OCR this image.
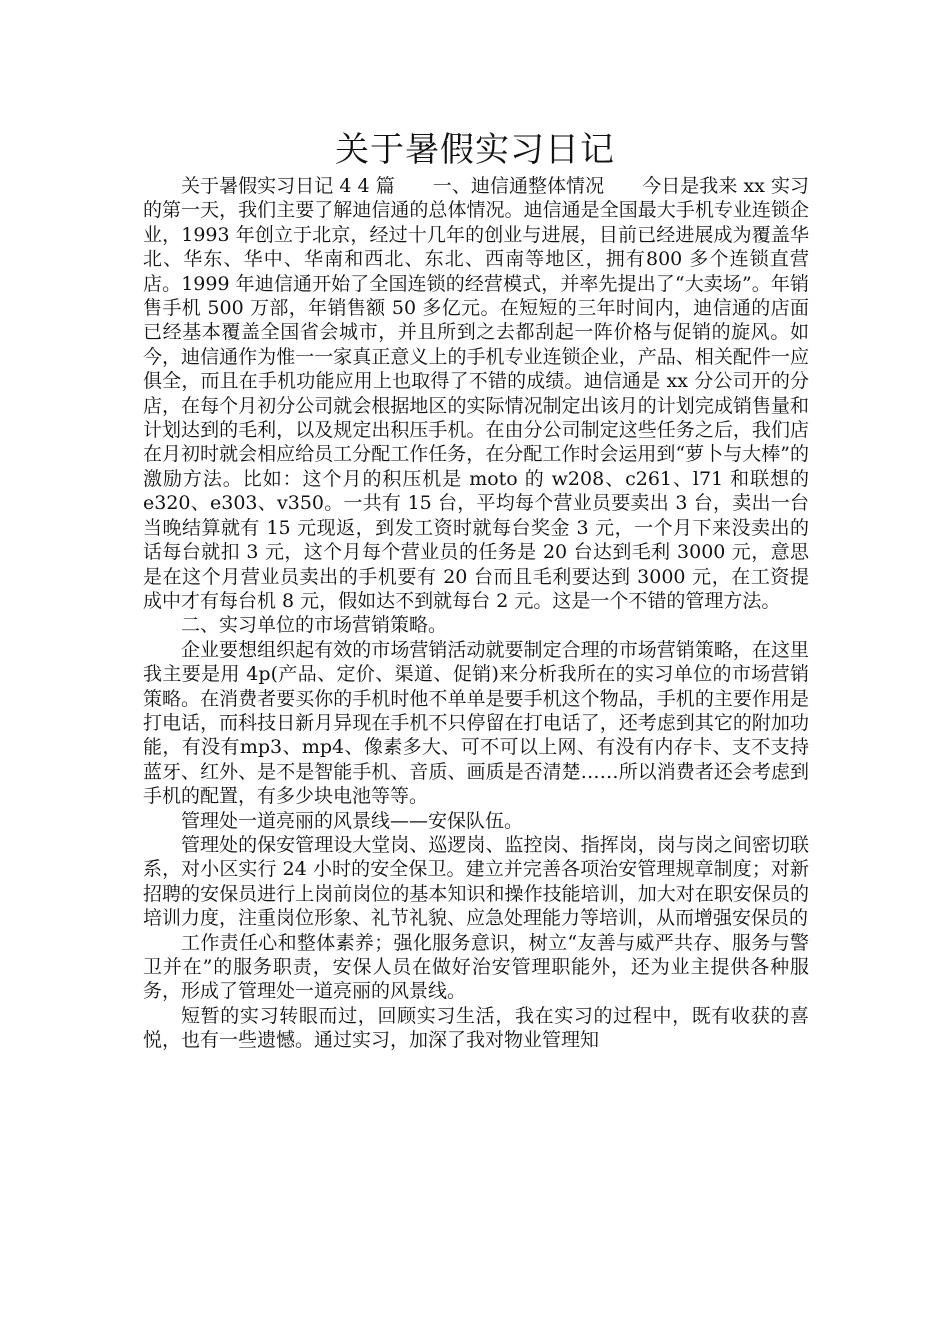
关于暑假实习日记

关于暑假实习日记 4 4 篇　　一、迪信通整体情况　　今日是我来 xx 实习的第一天，我们主要了解迪信通的总体情况。迪信通是全国最大手机专业连锁企业，1993 年创立于北京，经过十几年的创业与进展，目前已经进展成为覆盖华北、华东、华中、华南和西北、东北、西南等地区，拥有800 多个连锁直营店。1999 年迪信通开始了全国连锁的经营模式，并率先提出了“大卖场”。年销售手机 500 万部，年销售额 50 多亿元。在短短的三年时间内，迪信通的店面已经基本覆盖全国省会城市，并且所到之去都刮起一阵价格与促销的旋风。如今，迪信通作为惟一一家真正意义上的手机专业连锁企业，产品、相关配件一应俱全，而且在手机功能应用上也取得了不错的成绩。迪信通是 xx 分公司开的分店，在每个月初分公司就会根据地区的实际情况制定出该月的计划完成销售量和计划达到的毛利，以及规定出积压手机。在由分公司制定这些任务之后，我们店在月初时就会相应给员工分配工作任务，在分配工作时会运用到“萝卜与大棒”的激励方法。比如：这个月的积压机是 moto 的 w208、c261、l71 和联想的 e320、e303、v350。一共有 15 台，平均每个营业员要卖出 3 台，卖出一台当晚结算就有 15 元现返，到发工资时就每台奖金 3 元，一个月下来没卖出的话每台就扣 3 元，这个月每个营业员的任务是 20 台达到毛利 3000 元，意思是在这个月营业员卖出的手机要有 20 台而且毛利要达到 3000 元，在工资提成中才有每台机 8 元，假如达不到就每台 2 元。这是一个不错的管理方法。

二、实习单位的市场营销策略。

企业要想组织起有效的市场营销活动就要制定合理的市场营销策略，在这里我主要是用 4p(产品、定价、渠道、促销)来分析我所在的实习单位的市场营销策略。在消费者要买你的手机时他不单单是要手机这个物品，手机的主要作用是打电话，而科技日新月异现在手机不只停留在打电话了，还考虑到其它的附加功能，有没有mp3、mp4、像素多大、可不可以上网、有没有内存卡、支不支持蓝牙、红外、是不是智能手机、音质、画质是否清楚……所以消费者还会考虑到手机的配置，有多少块电池等等。

管理处一道亮丽的风景线——安保队伍。

管理处的保安管理设大堂岗、巡逻岗、监控岗、指挥岗，岗与岗之间密切联系，对小区实行 24 小时的安全保卫。建立并完善各项治安管理规章制度；对新招聘的安保员进行上岗前岗位的基本知识和操作技能培训，加大对在职安保员的培训力度，注重岗位形象、礼节礼貌、应急处理能力等培训，从而增强安保员的

工作责任心和整体素养；强化服务意识，树立“友善与威严共存、服务与警卫并在”的服务职责，安保人员在做好治安管理职能外，还为业主提供各种服务，形成了管理处一道亮丽的风景线。

短暂的实习转眼而过，回顾实习生活，我在实习的过程中，既有收获的喜悦，也有一些遗憾。通过实习，加深了我对物业管理知
